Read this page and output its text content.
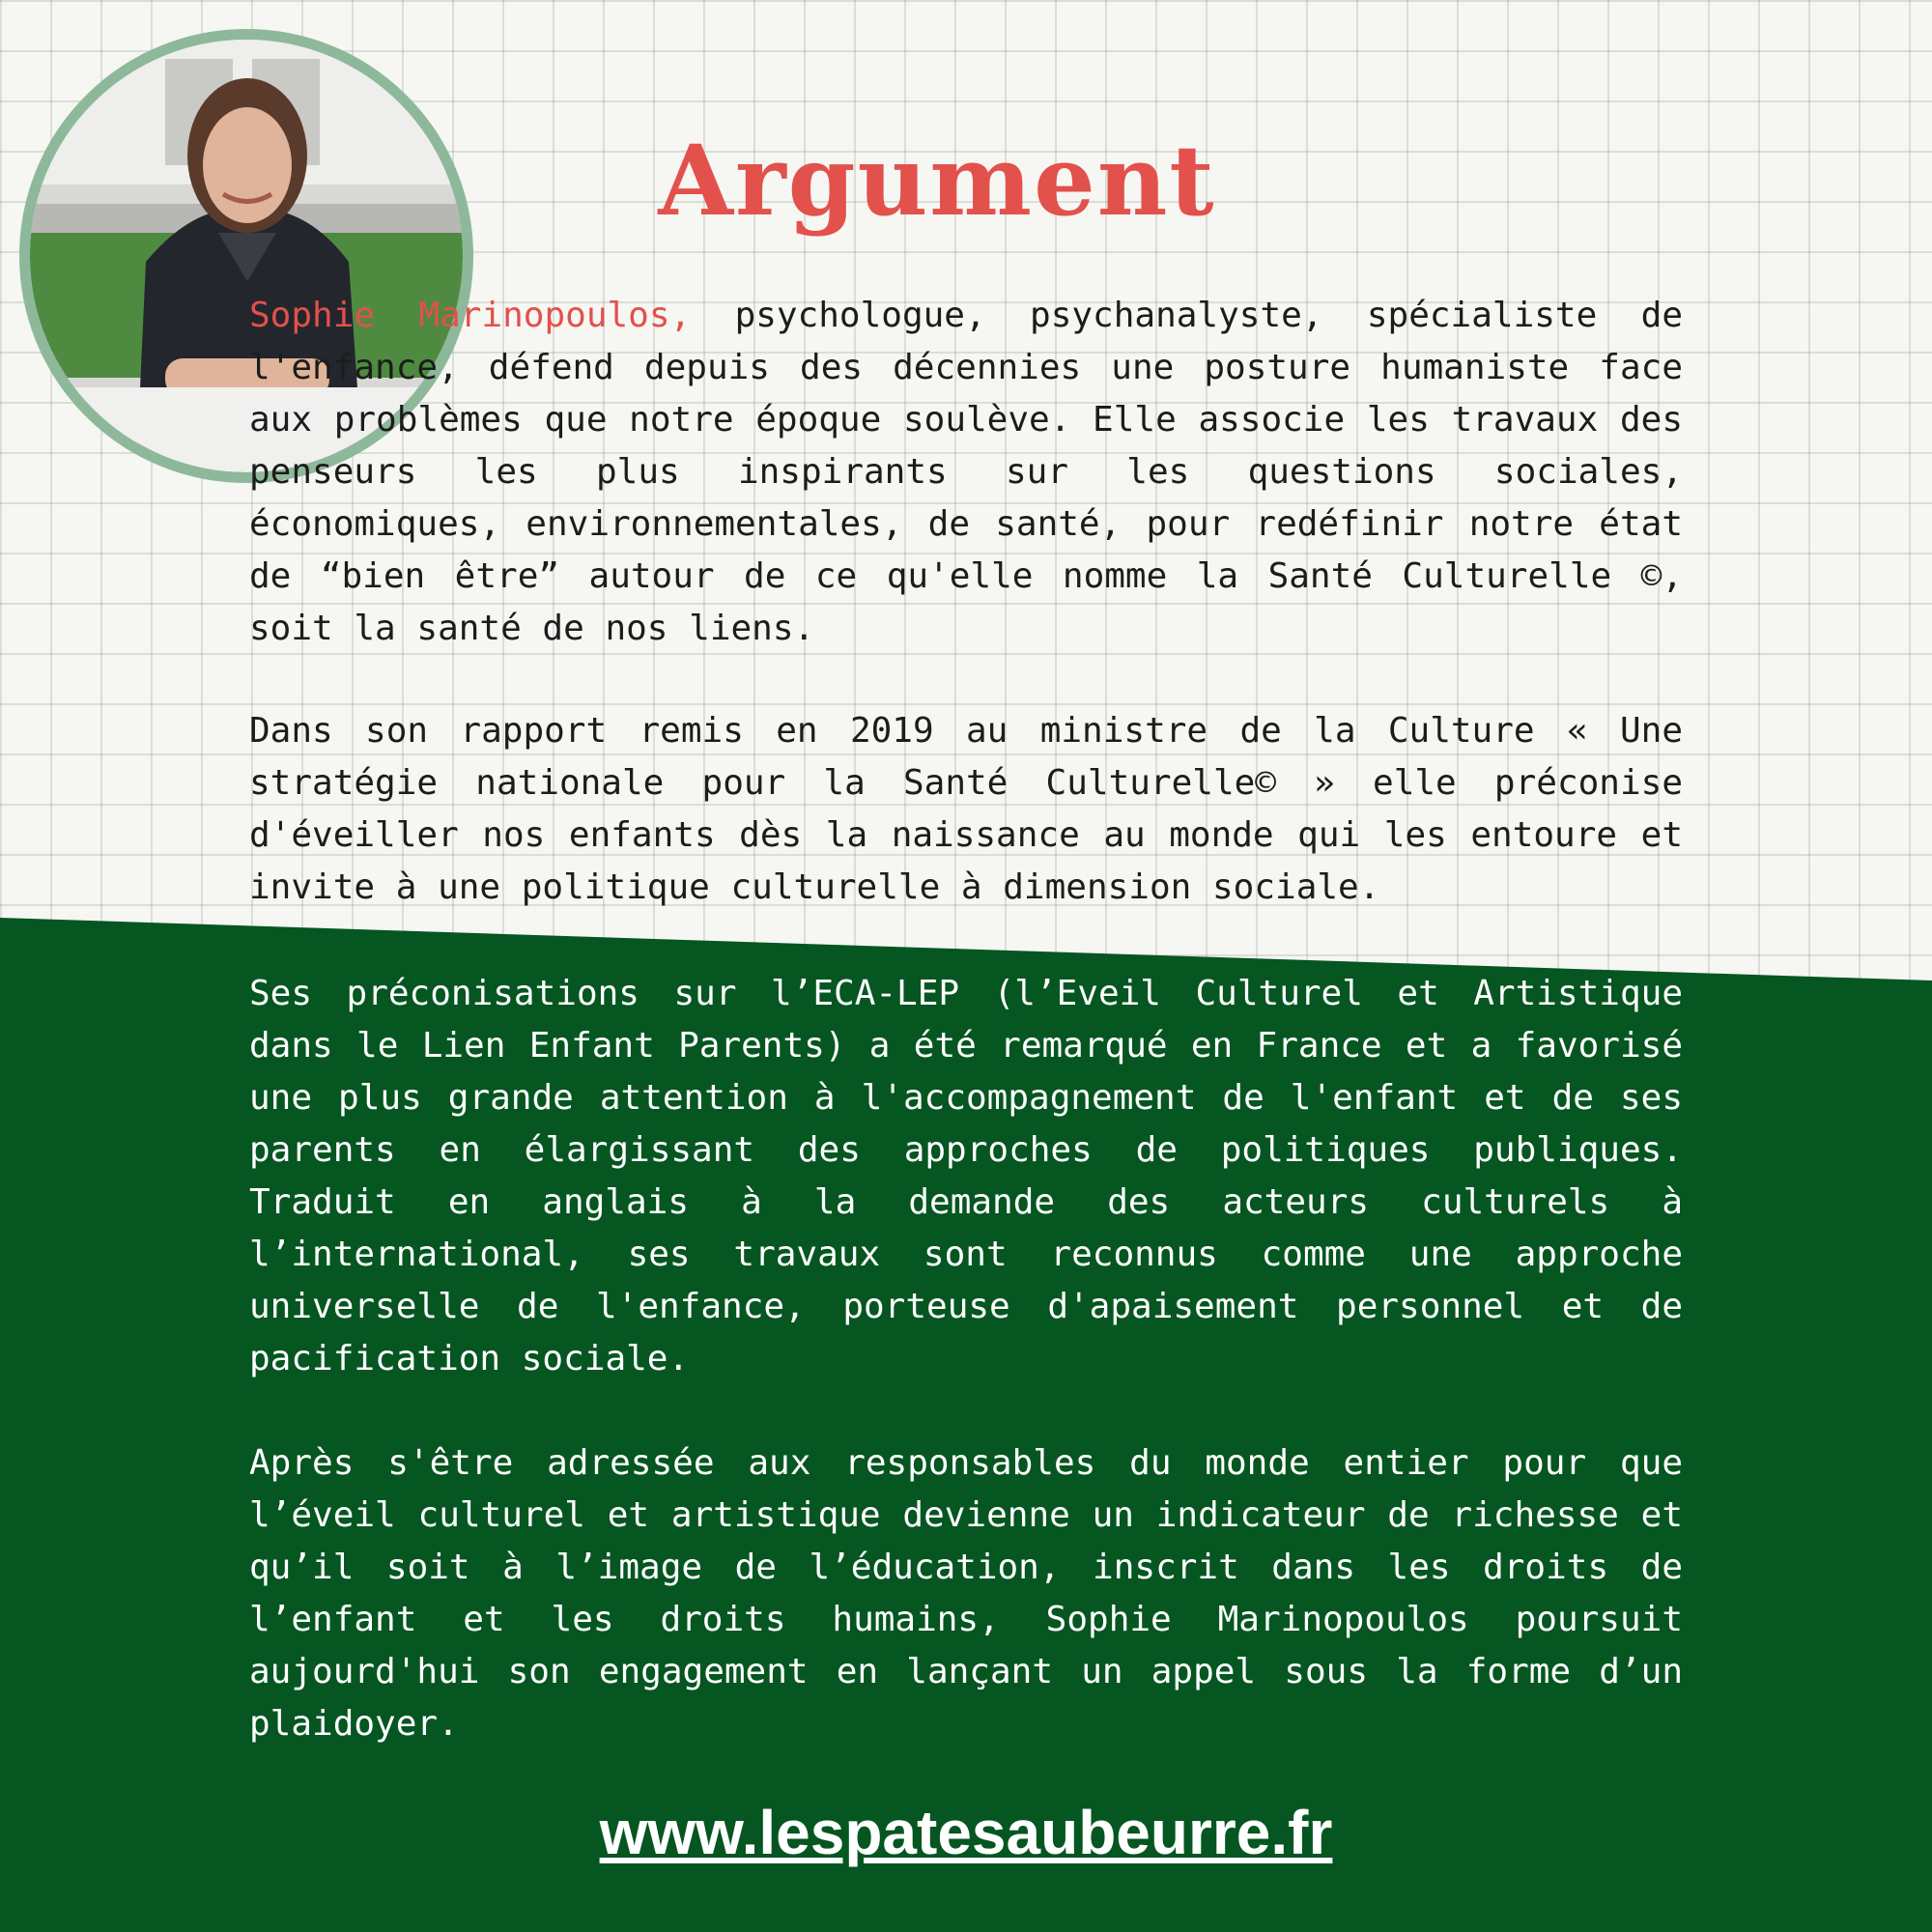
Argument

Sophie Marinopoulos, psychologue, psychanalyste, spécialiste de l'enfance, défend depuis des décennies une posture humaniste face aux problèmes que notre époque soulève. Elle associe les travaux des penseurs les plus inspirants sur les questions sociales, économiques, environnementales, de santé, pour redéfinir notre état de “bien être” autour de ce qu'elle nomme la Santé Culturelle ©, soit la santé de nos liens.

Dans son rapport remis en 2019 au ministre de la Culture « Une stratégie nationale pour la Santé Culturelle© » elle préconise d'éveiller nos enfants dès la naissance au monde qui les entoure et invite à une politique culturelle à dimension sociale.

Ses préconisations sur l’ECA-LEP (l’Eveil Culturel et Artistique dans le Lien Enfant Parents) a été remarqué en France et a favorisé une plus grande attention à l'accompagnement de l'enfant et de ses parents en élargissant des approches de politiques publiques. Traduit en anglais à la demande des acteurs culturels à l’international, ses travaux sont reconnus comme une approche universelle de l'enfance, porteuse d'apaisement personnel et de pacification sociale.

Après s'être adressée aux responsables du monde entier pour que l’éveil culturel et artistique devienne un indicateur de richesse et qu’il soit à l’image de l’éducation, inscrit dans les droits de l’enfant et les droits humains, Sophie Marinopoulos poursuit aujourd'hui son engagement en lançant un appel sous la forme d’un plaidoyer.

www.lespatesaubeurre.fr
